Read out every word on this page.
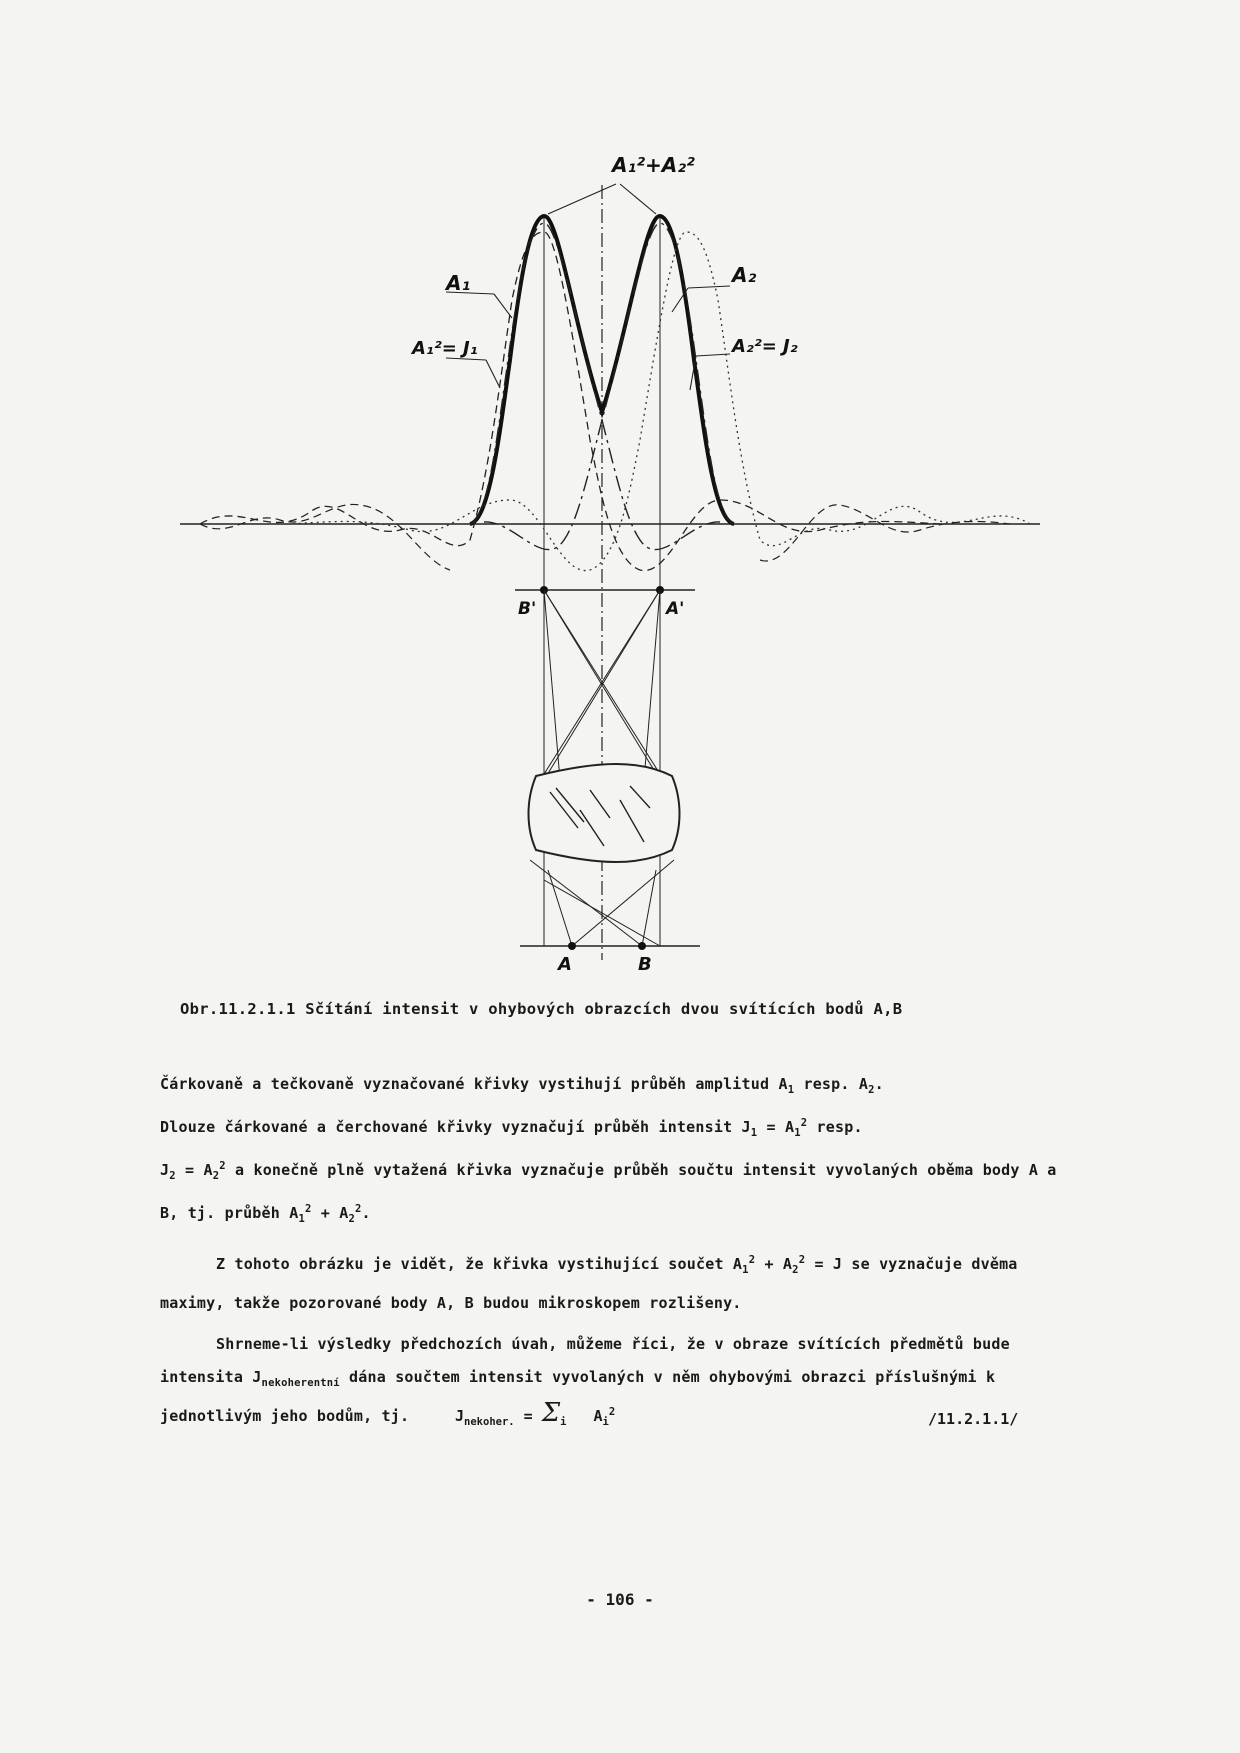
A₁²+A₂²
A₁
A₁²= J₁
A₂
A₂²= J₂
B'	A'
A	B
Obr.11.2.1.1 Sčítání intensit v ohybových obrazcích dvou svítících bodů A,B

Čárkovaně a tečkovaně vyznačované křivky vystihují průběh amplitud $A_1$ resp. $A_2$.
Dlouze čárkované a čerchované křivky vyznačují průběh intensit $J_1 = A_1^2$ resp.
$J_2 = A_2^2$ a konečně plně vytažená křivka vyznačuje průběh součtu intensit vyvolaných oběma body A a B, tj. průběh $A_1^2 + A_2^2$.

Z tohoto obrázku je vidět, že křivka vystihující součet $A_1^2 + A_2^2 = J$ se vyznačuje dvěma maximy, takže pozorované body A, B budou mikroskopem rozlišeny.

Shrneme-li výsledky předchozích úvah, můžeme říci, že v obraze svítících předmětů bude intensita $J_{nekoherentní}$ dána součtem intensit vyvolaných v něm ohybovými obrazci příslušnými k jednotlivým jeho bodům, tj.	$J_{nekoher.} = \Sigma_i$ $A_i^2$	/11.2.1.1/
- 106 -
